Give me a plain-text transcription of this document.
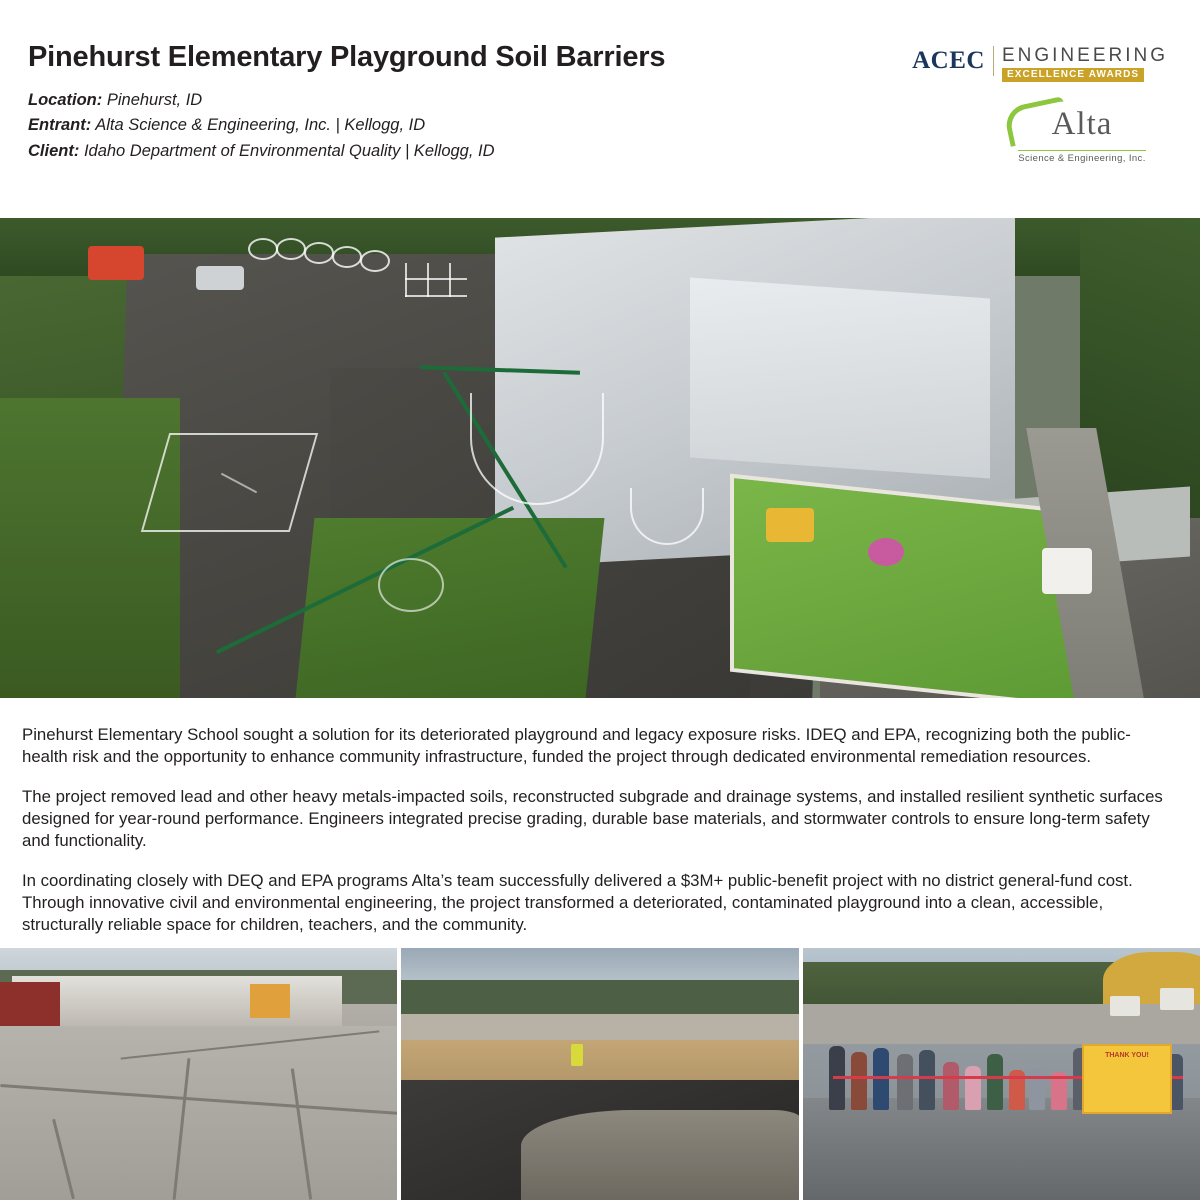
Pinehurst Elementary Playground Soil Barriers
Location: Pinehurst, ID
Entrant: Alta Science & Engineering, Inc. | Kellogg, ID
Client: Idaho Department of Environmental Quality | Kellogg, ID
ACEC ENGINEERING
EXCELLENCE AWARDS
Alta
Science & Engineering, Inc.

Pinehurst Elementary School sought a solution for its deteriorated playground and legacy exposure risks. IDEQ and EPA, recognizing both the public-health risk and the opportunity to enhance community infrastructure, funded the project through dedicated environmental remediation resources.

The project removed lead and other heavy metals-impacted soils, reconstructed subgrade and drainage systems, and installed resilient synthetic surfaces designed for year-round performance. Engineers integrated precise grading, durable base materials, and stormwater controls to ensure long-term safety and functionality.

In coordinating closely with DEQ and EPA programs Alta’s team successfully delivered a $3M+ public-benefit project with no district general-fund cost. Through innovative civil and environmental engineering, the project transformed a deteriorated, contaminated playground into a clean, accessible, structurally reliable space for children, teachers, and the community.

THANK YOU!
